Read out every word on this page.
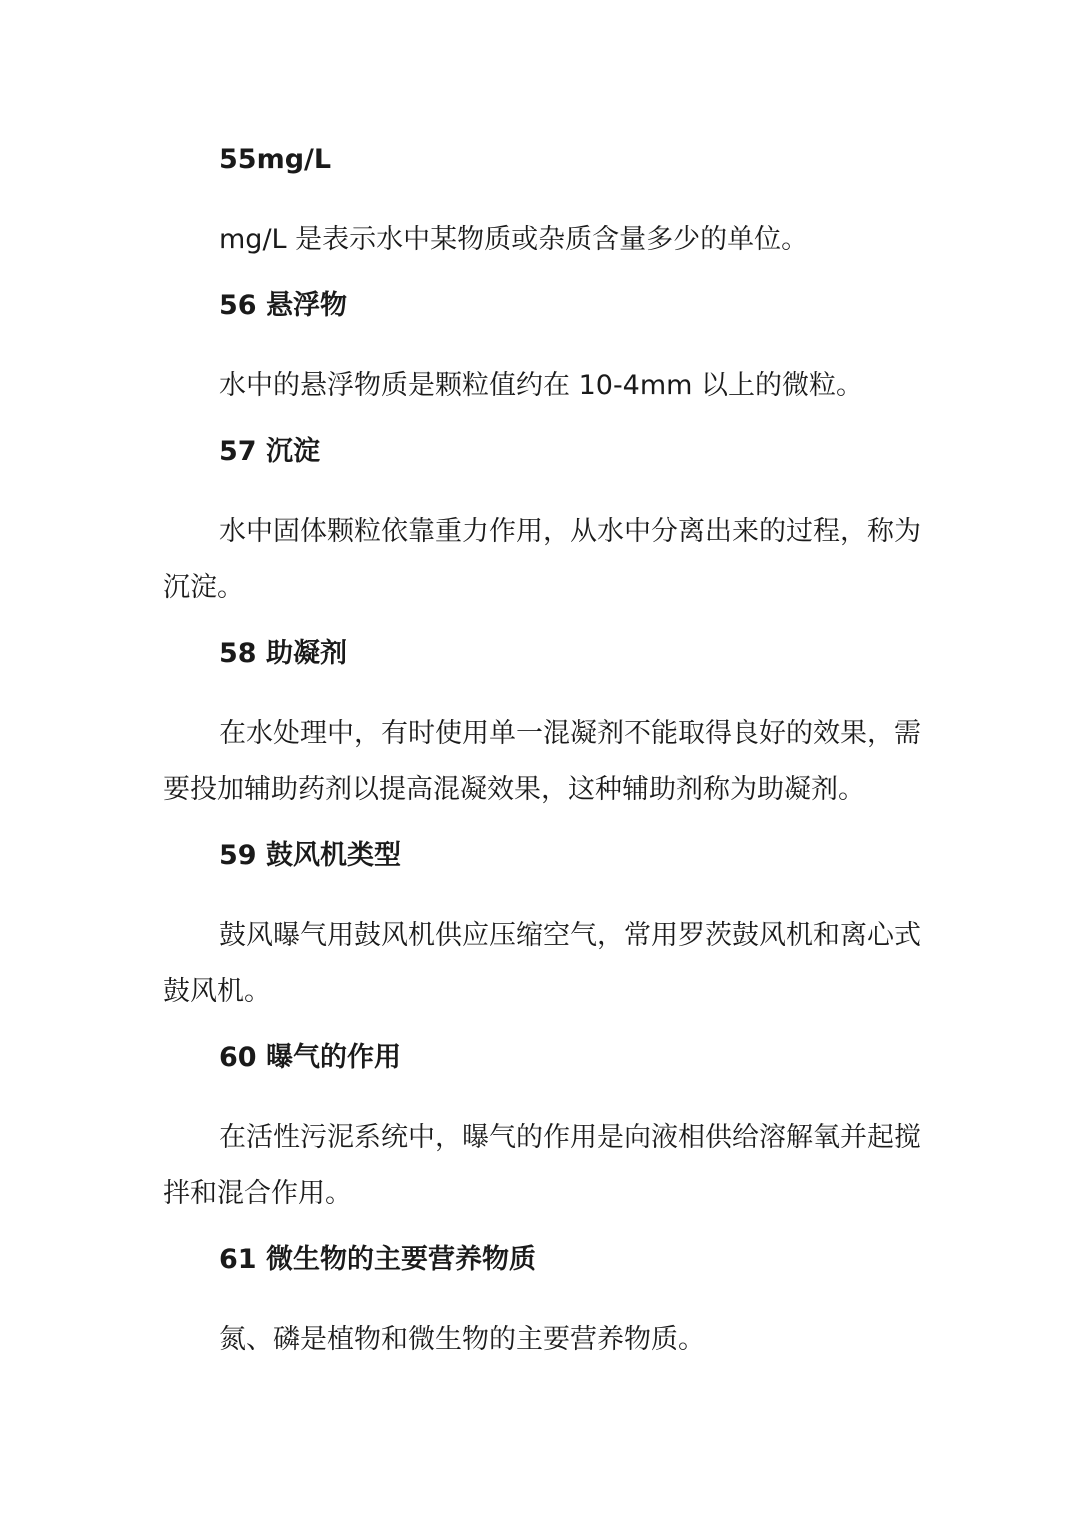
55mg/L

mg/L 是表示水中某物质或杂质含量多少的单位。

56 悬浮物

水中的悬浮物质是颗粒值约在 10-4mm 以上的微粒。

57 沉淀

水中固体颗粒依靠重力作用，从水中分离出来的过程，称为沉淀。

58 助凝剂

在水处理中，有时使用单一混凝剂不能取得良好的效果，需要投加辅助药剂以提高混凝效果，这种辅助剂称为助凝剂。

59 鼓风机类型

鼓风曝气用鼓风机供应压缩空气，常用罗茨鼓风机和离心式鼓风机。

60 曝气的作用

在活性污泥系统中，曝气的作用是向液相供给溶解氧并起搅拌和混合作用。

61 微生物的主要营养物质

氮、磷是植物和微生物的主要营养物质。
